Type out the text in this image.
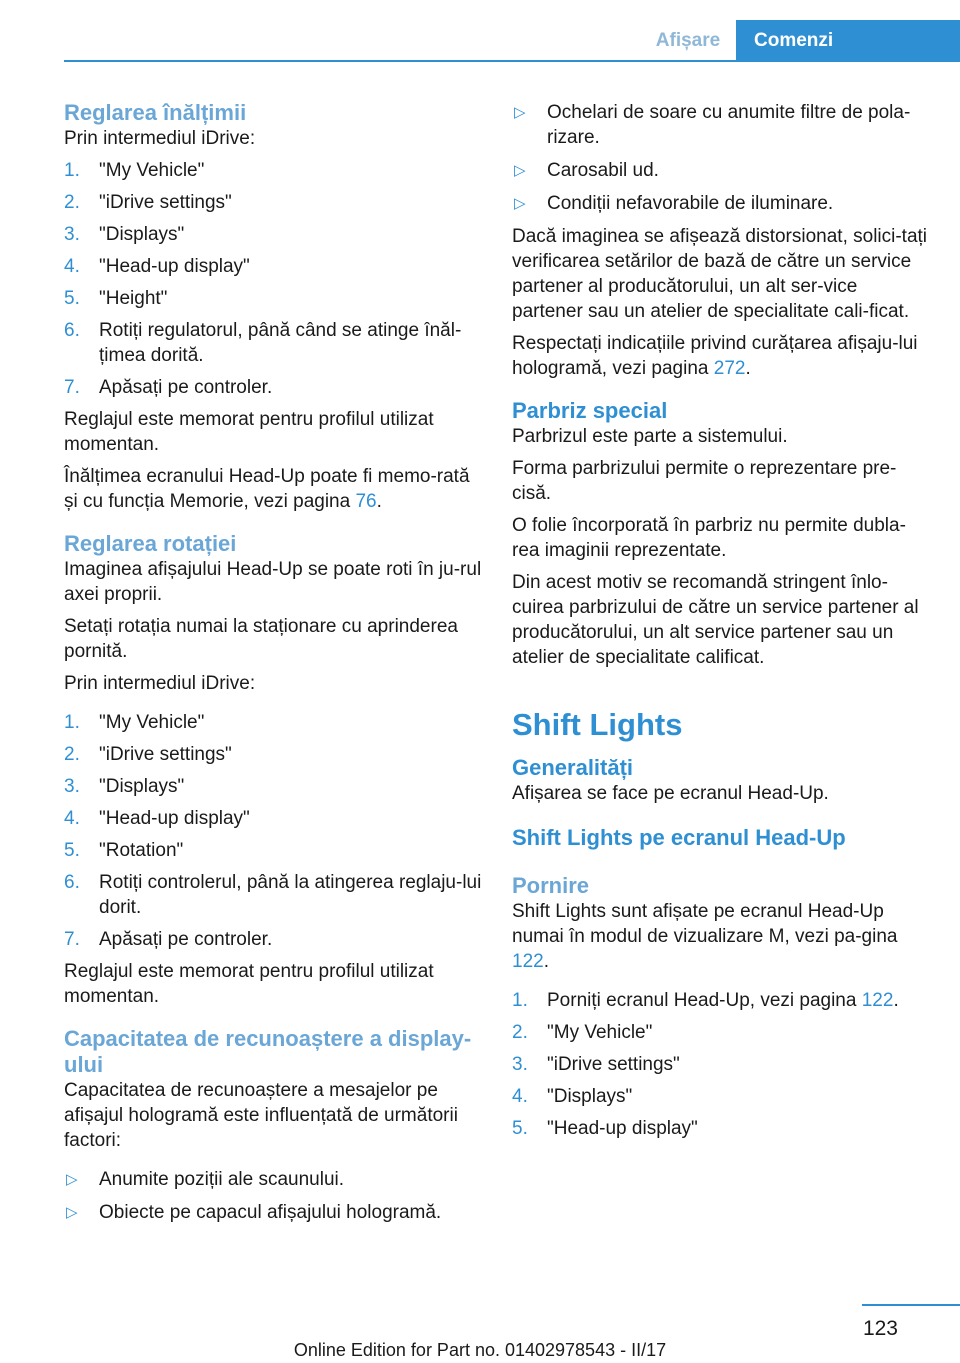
Afișare	Comenzi
Reglarea înălțimii

Prin intermediul iDrive:

1. "My Vehicle"
2. "iDrive settings"
3. "Displays"
4. "Head-up display"
5. "Height"
6. Rotiți regulatorul, până când se atinge înăl‐țimea dorită.
7. Apăsați pe controler.

Reglajul este memorat pentru profilul utilizat momentan.

Înălțimea ecranului Head-Up poate fi memo‐rată și cu funcția Memorie, vezi pagina 76.

Reglarea rotației

Imaginea afișajului Head-Up se poate roti în ju‐rul axei proprii.

Setați rotația numai la staționare cu aprinderea pornită.

Prin intermediul iDrive:

1. "My Vehicle"
2. "iDrive settings"
3. "Displays"
4. "Head-up display"
5. "Rotation"
6. Rotiți controlerul, până la atingerea reglaju‐lui dorit.
7. Apăsați pe controler.

Reglajul este memorat pentru profilul utilizat momentan.

Capacitatea de recunoaștere a display-ului

Capacitatea de recunoaștere a mesajelor pe afișajul hologramă este influențată de următorii factori:

▷ Anumite poziții ale scaunului.
▷ Obiecte pe capacul afișajului hologramă.
▷ Ochelari de soare cu anumite filtre de pola‐rizare.
▷ Carosabil ud.
▷ Condiții nefavorabile de iluminare.

Dacă imaginea se afișează distorsionat, solici‐tați verificarea setărilor de bază de către un service partener al producătorului, un alt ser‐vice partener sau un atelier de specialitate cali‐ficat.

Respectați indicațiile privind curățarea afișaju‐lui hologramă, vezi pagina 272.

Parbriz special

Parbrizul este parte a sistemului.

Forma parbrizului permite o reprezentare pre‐cisă.

O folie încorporată în parbriz nu permite dubla‐rea imaginii reprezentate.

Din acest motiv se recomandă stringent înlo‐cuirea parbrizului de către un service partener al producătorului, un alt service partener sau un atelier de specialitate calificat.

Shift Lights
Generalități

Afișarea se face pe ecranul Head-Up.

Shift Lights pe ecranul Head-Up
Pornire

Shift Lights sunt afișate pe ecranul Head-Up numai în modul de vizualizare M, vezi pa‐gina 122.

1. Porniți ecranul Head-Up, vezi pagina 122.
2. "My Vehicle"
3. "iDrive settings"
4. "Displays"
5. "Head-up display"
123
Online Edition for Part no. 01402978543 - II/17
